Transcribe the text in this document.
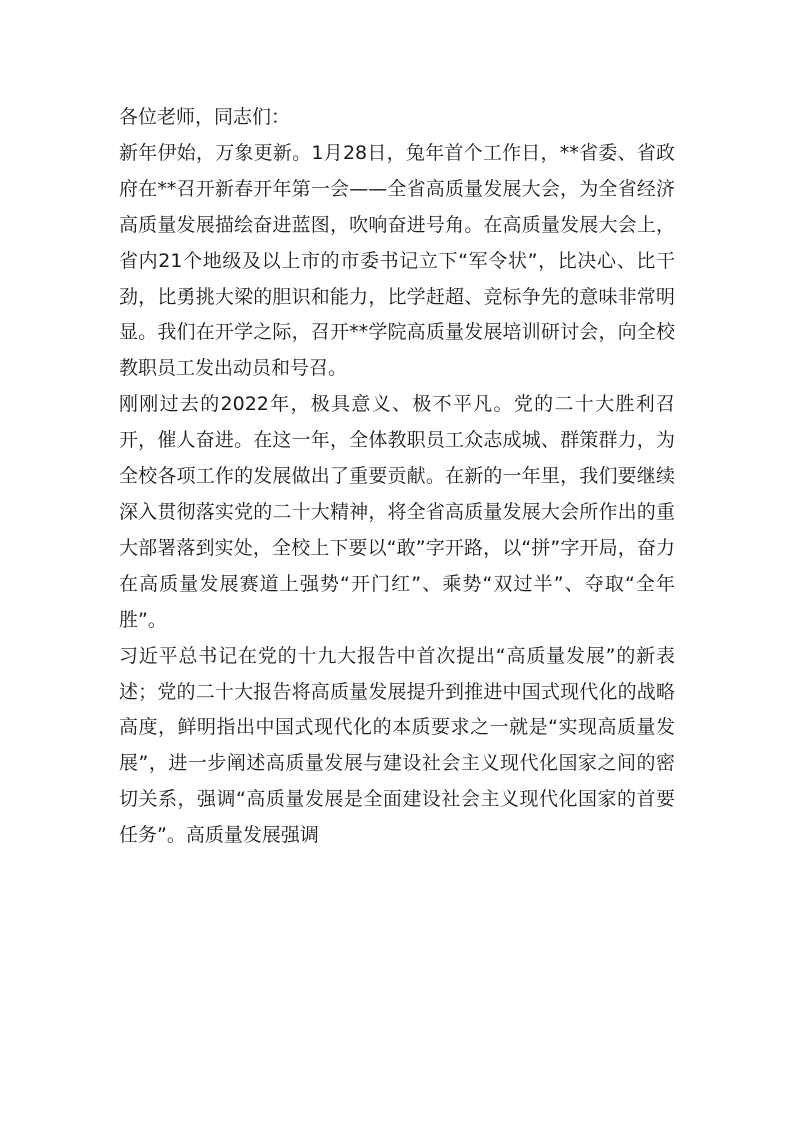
各位老师，同志们：

新年伊始，万象更新。1月28日，兔年首个工作日，**省委、省政府在**召开新春开年第一会——全省高质量发展大会，为全省经济高质量发展描绘奋进蓝图，吹响奋进号角。在高质量发展大会上，省内21个地级及以上市的市委书记立下“军令状”，比决心、比干劲，比勇挑大梁的胆识和能力，比学赶超、竞标争先的意味非常明显。我们在开学之际，召开**学院高质量发展培训研讨会，向全校教职员工发出动员和号召。

刚刚过去的2022年，极具意义、极不平凡。党的二十大胜利召开，催人奋进。在这一年，全体教职员工众志成城、群策群力，为全校各项工作的发展做出了重要贡献。在新的一年里，我们要继续深入贯彻落实党的二十大精神，将全省高质量发展大会所作出的重大部署落到实处，全校上下要以“敢”字开路，以“拼”字开局，奋力在高质量发展赛道上强势“开门红”、乘势“双过半”、夺取“全年胜”。

习近平总书记在党的十九大报告中首次提出“高质量发展”的新表述；党的二十大报告将高质量发展提升到推进中国式现代化的战略高度，鲜明指出中国式现代化的本质要求之一就是“实现高质量发展”，进一步阐述高质量发展与建设社会主义现代化国家之间的密切关系，强调“高质量发展是全面建设社会主义现代化国家的首要任务”。高质量发展强调
